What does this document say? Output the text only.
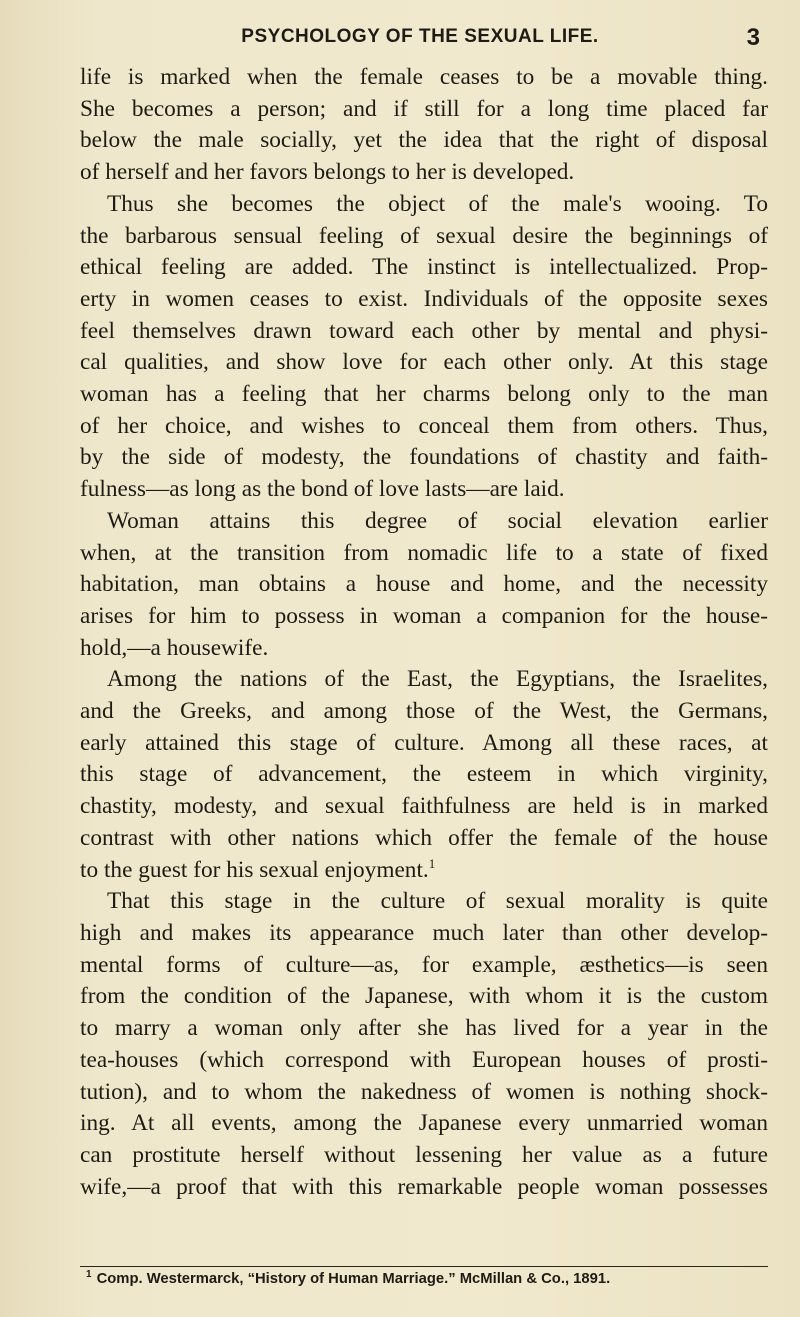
PSYCHOLOGY OF THE SEXUAL LIFE.	3
life is marked when the female ceases to be a movable thing.
She becomes a person; and if still for a long time placed far
below the male socially, yet the idea that the right of disposal
of herself and her favors belongs to her is developed.
Thus she becomes the object of the male's wooing. To
the barbarous sensual feeling of sexual desire the beginnings of
ethical feeling are added. The instinct is intellectualized. Prop-
erty in women ceases to exist. Individuals of the opposite sexes
feel themselves drawn toward each other by mental and physi-
cal qualities, and show love for each other only. At this stage
woman has a feeling that her charms belong only to the man
of her choice, and wishes to conceal them from others. Thus,
by the side of modesty, the foundations of chastity and faith-
fulness—as long as the bond of love lasts—are laid.
Woman attains this degree of social elevation earlier
when, at the transition from nomadic life to a state of fixed
habitation, man obtains a house and home, and the necessity
arises for him to possess in woman a companion for the house-
hold,—a housewife.
Among the nations of the East, the Egyptians, the Israelites,
and the Greeks, and among those of the West, the Germans,
early attained this stage of culture. Among all these races, at
this stage of advancement, the esteem in which virginity,
chastity, modesty, and sexual faithfulness are held is in marked
contrast with other nations which offer the female of the house
to the guest for his sexual enjoyment.$^1$
That this stage in the culture of sexual morality is quite
high and makes its appearance much later than other develop-
mental forms of culture—as, for example, æsthetics—is seen
from the condition of the Japanese, with whom it is the custom
to marry a woman only after she has lived for a year in the
tea-houses (which correspond with European houses of prosti-
tution), and to whom the nakedness of women is nothing shock-
ing. At all events, among the Japanese every unmarried woman
can prostitute herself without lessening her value as a future
wife,—a proof that with this remarkable people woman possesses
$^1$ Comp. Westermarck, “History of Human Marriage.” McMillan & Co., 1891.
